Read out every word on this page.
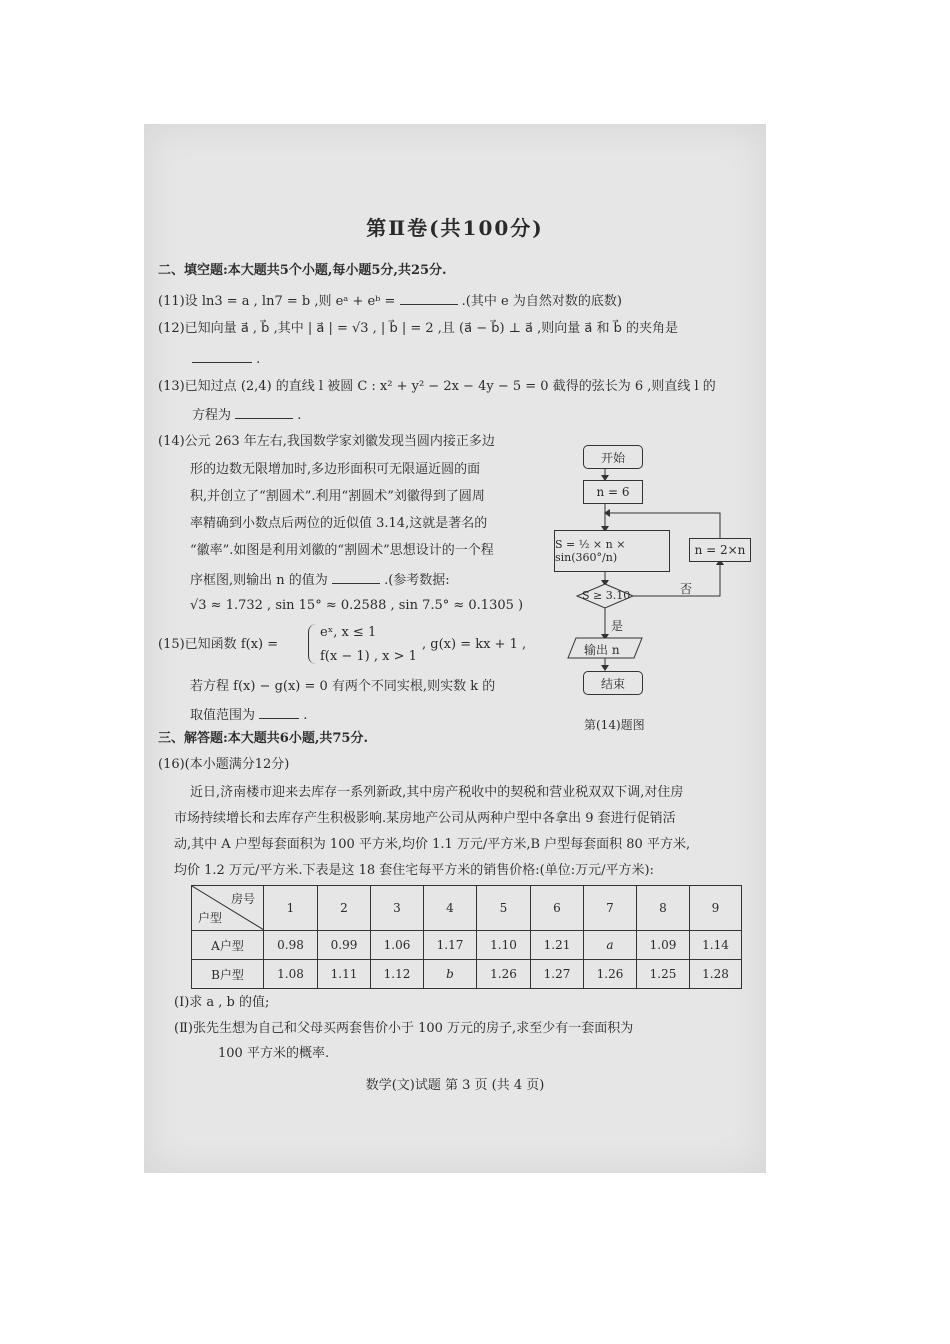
第Ⅱ卷(共100分)
二、填空题:本大题共5个小题,每小题5分,共25分.
(11)设 ln3 = a , ln7 = b ,则 eᵃ + eᵇ =	.(其中 e 为自然对数的底数)
(12)已知向量 a⃗ , b⃗ ,其中 | a⃗ | = √3 , | b⃗ | = 2 ,且 (a⃗ − b⃗) ⊥ a⃗ ,则向量 a⃗ 和 b⃗ 的夹角是
.
(13)已知过点 (2,4) 的直线 l 被圆 C : x² + y² − 2x − 4y − 5 = 0 截得的弦长为 6 ,则直线 l 的
方程为	.
(14)公元 263 年左右,我国数学家刘徽发现当圆内接正多边
形的边数无限增加时,多边形面积可无限逼近圆的面
积,并创立了“割圆术”.利用“割圆术”刘徽得到了圆周
率精确到小数点后两位的近似值 3.14,这就是著名的
“徽率”.如图是利用刘徽的“割圆术”思想设计的一个程
序框图,则输出 n 的值为	.(参考数据:
√3 ≈ 1.732 , sin 15° ≈ 0.2588 , sin 7.5° ≈ 0.1305 )
(15)已知函数 f(x) =
eˣ, x ≤ 1
f(x − 1) , x > 1
, g(x) = kx + 1 ,
若方程 f(x) − g(x) = 0 有两个不同实根,则实数 k 的
取值范围为	.
开始
n = 6
S = ½ × n × sin(360°/n)
n = 2×n
S ≥ 3.10	否
是
输出 n
结束
第(14)题图
三、解答题:本大题共6小题,共75分.
(16)(本小题满分12分)
近日,济南楼市迎来去库存一系列新政,其中房产税收中的契税和营业税双双下调,对住房
市场持续增长和去库存产生积极影响.某房地产公司从两种户型中各拿出 9 套进行促销活
动,其中 A 户型每套面积为 100 平方米,均价 1.1 万元/平方米,B 户型每套面积 80 平方米,
均价 1.2 万元/平方米.下表是这 18 套住宅每平方米的销售价格:(单位:万元/平方米):
房号
户型	1	2	3	4	5	6	7	8	9
A户型	0.98	0.99	1.06	1.17	1.10	1.21	a	1.09	1.14
B户型	1.08	1.11	1.12	b	1.26	1.27	1.26	1.25	1.28
(Ⅰ)求 a , b 的值;
(Ⅱ)张先生想为自己和父母买两套售价小于 100 万元的房子,求至少有一套面积为
100 平方米的概率.
数学(文)试题 第 3 页 (共 4 页)
